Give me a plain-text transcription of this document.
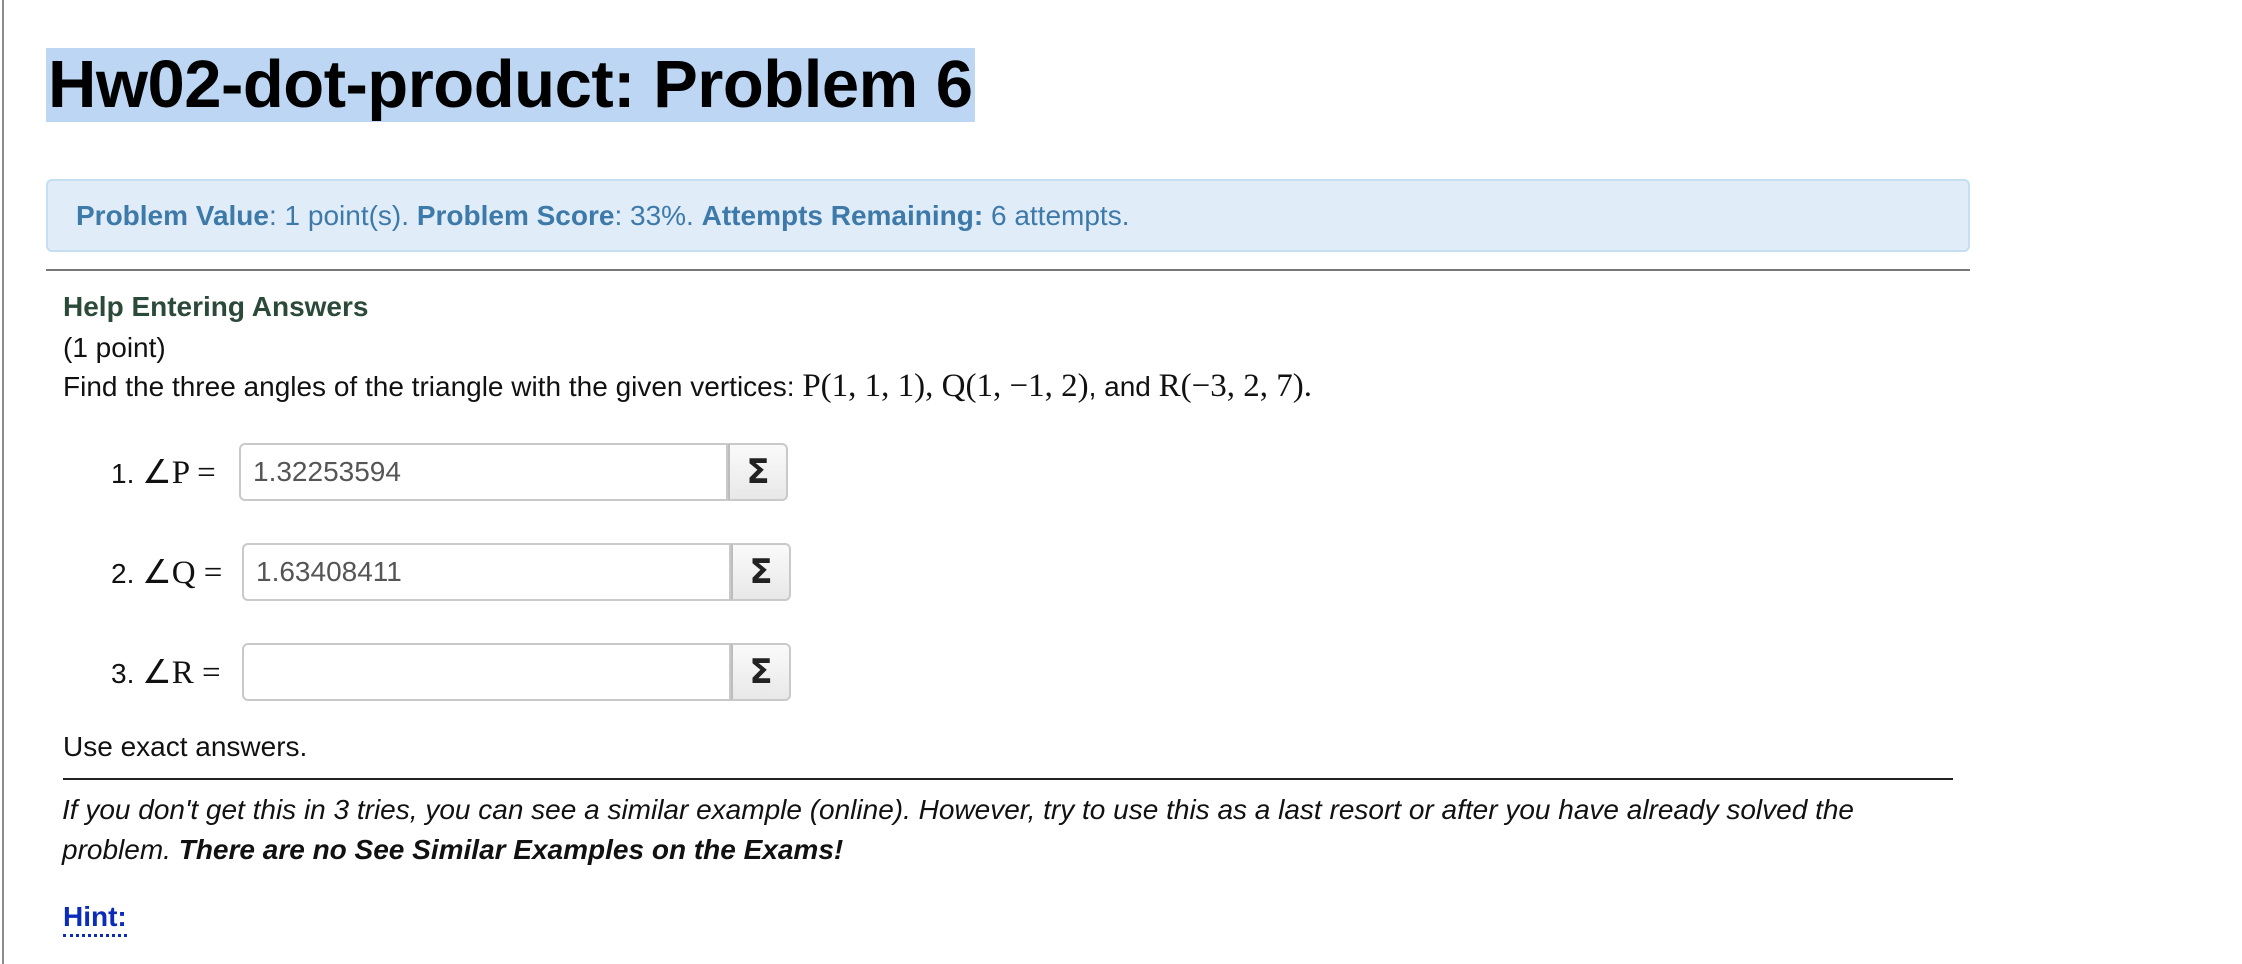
Hw02-dot-product: Problem 6
Problem Value: 1 point(s). Problem Score: 33%. Attempts Remaining: 6 attempts.
Help Entering Answers
(1 point)
Find the three angles of the triangle with the given vertices: P(1, 1, 1), Q(1, −1, 2), and R(−3, 2, 7).
1. ∠P =
1.32253594	Σ
2. ∠Q =
1.63408411	Σ
3. ∠R =	Σ
Use exact answers.
If you don't get this in 3 tries, you can see a similar example (online). However, try to use this as a last resort or after you have already solved the problem. There are no See Similar Examples on the Exams!
Hint:
